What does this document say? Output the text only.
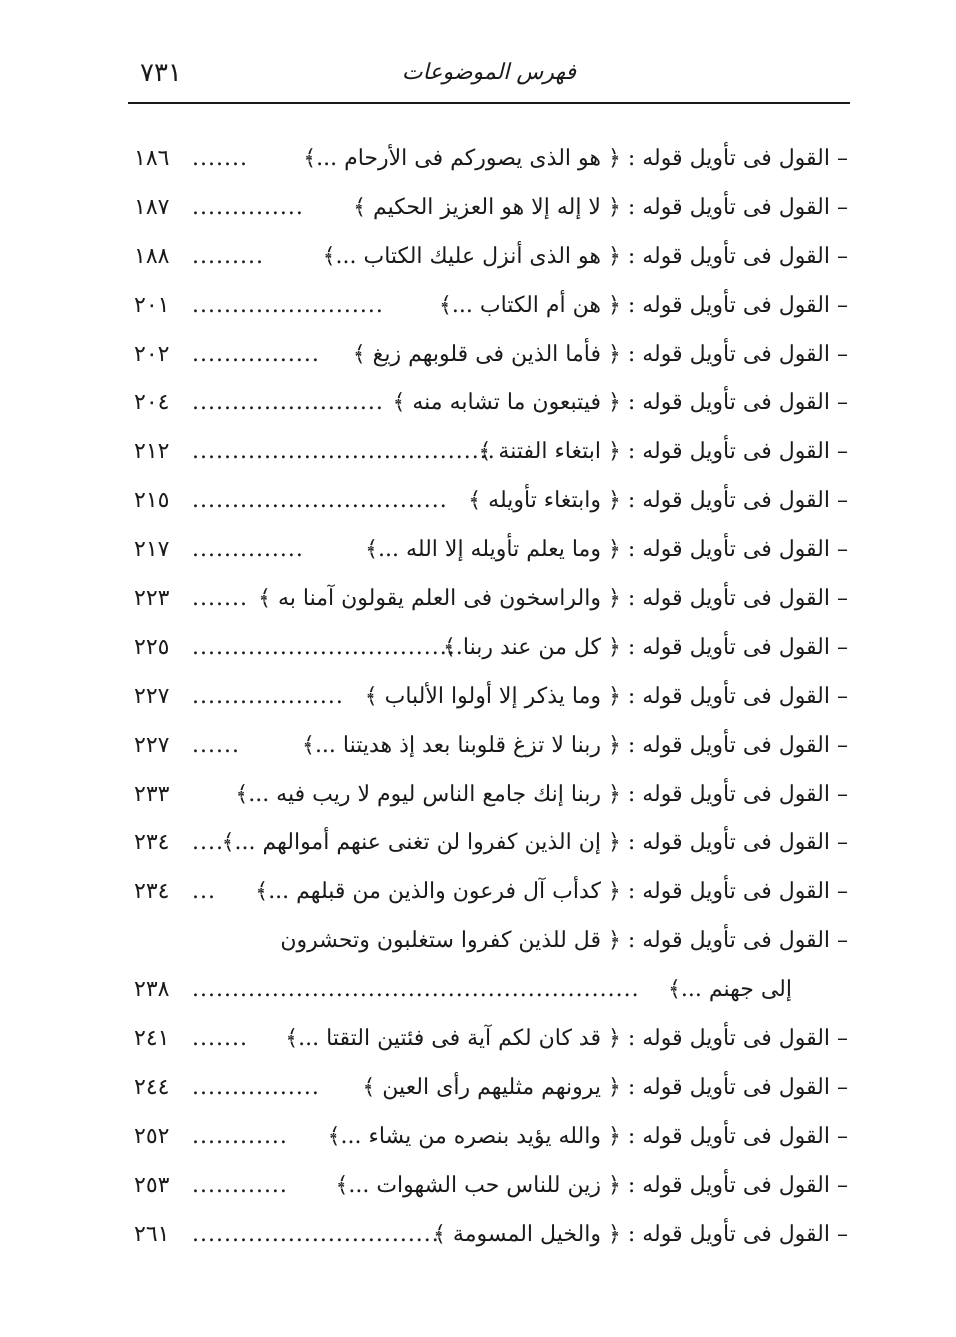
٧٣١	فهرس الموضوعات
– القول فى تأويل قوله : ﴿ هو الذى يصوركم فى الأرحام ...﴾
.......
١٨٦
– القول فى تأويل قوله : ﴿ لا إله إلا هو العزيز الحكيم ﴾
..............
١٨٧
– القول فى تأويل قوله : ﴿ هو الذى أنزل عليك الكتاب ...﴾
.........
١٨٨
– القول فى تأويل قوله : ﴿ هن أم الكتاب ...﴾
........................
٢٠١
– القول فى تأويل قوله : ﴿ فأما الذين فى قلوبهم زيغ ﴾
................
٢٠٢
– القول فى تأويل قوله : ﴿ فيتبعون ما تشابه منه ﴾
........................
٢٠٤
– القول فى تأويل قوله : ﴿ ابتغاء الفتنة ﴾
......................................
٢١٢
– القول فى تأويل قوله : ﴿ وابتغاء تأويله ﴾
................................
٢١٥
– القول فى تأويل قوله : ﴿ وما يعلم تأويله إلا الله ...﴾
..............
٢١٧
– القول فى تأويل قوله : ﴿ والراسخون فى العلم يقولون آمنا به ﴾
.......
٢٢٣
– القول فى تأويل قوله : ﴿ كل من عند ربنا ﴾
..................................
٢٢٥
– القول فى تأويل قوله : ﴿ وما يذكر إلا أولوا الألباب ﴾
...................
٢٢٧
– القول فى تأويل قوله : ﴿ ربنا لا تزغ قلوبنا بعد إذ هديتنا ...﴾
......
٢٢٧
– القول فى تأويل قوله : ﴿ ربنا إنك جامع الناس ليوم لا ريب فيه ...﴾
٢٣٣
– القول فى تأويل قوله : ﴿ إن الذين كفروا لن تغنى عنهم أموالهم ...﴾
....
٢٣٤
– القول فى تأويل قوله : ﴿ كدأب آل فرعون والذين من قبلهم ...﴾
...
٢٣٤
– القول فى تأويل قوله : ﴿ قل للذين كفروا ستغلبون وتحشرون
إلى جهنم ...﴾
........................................................
٢٣٨
– القول فى تأويل قوله : ﴿ قد كان لكم آية فى فئتين التقتا ...﴾
.......
٢٤١
– القول فى تأويل قوله : ﴿ يرونهم مثليهم رأى العين ﴾
................
٢٤٤
– القول فى تأويل قوله : ﴿ والله يؤيد بنصره من يشاء ...﴾
............
٢٥٢
– القول فى تأويل قوله : ﴿ زين للناس حب الشهوات ...﴾
............
٢٥٣
– القول فى تأويل قوله : ﴿ والخيل المسومة ﴾
...............................
٢٦١
